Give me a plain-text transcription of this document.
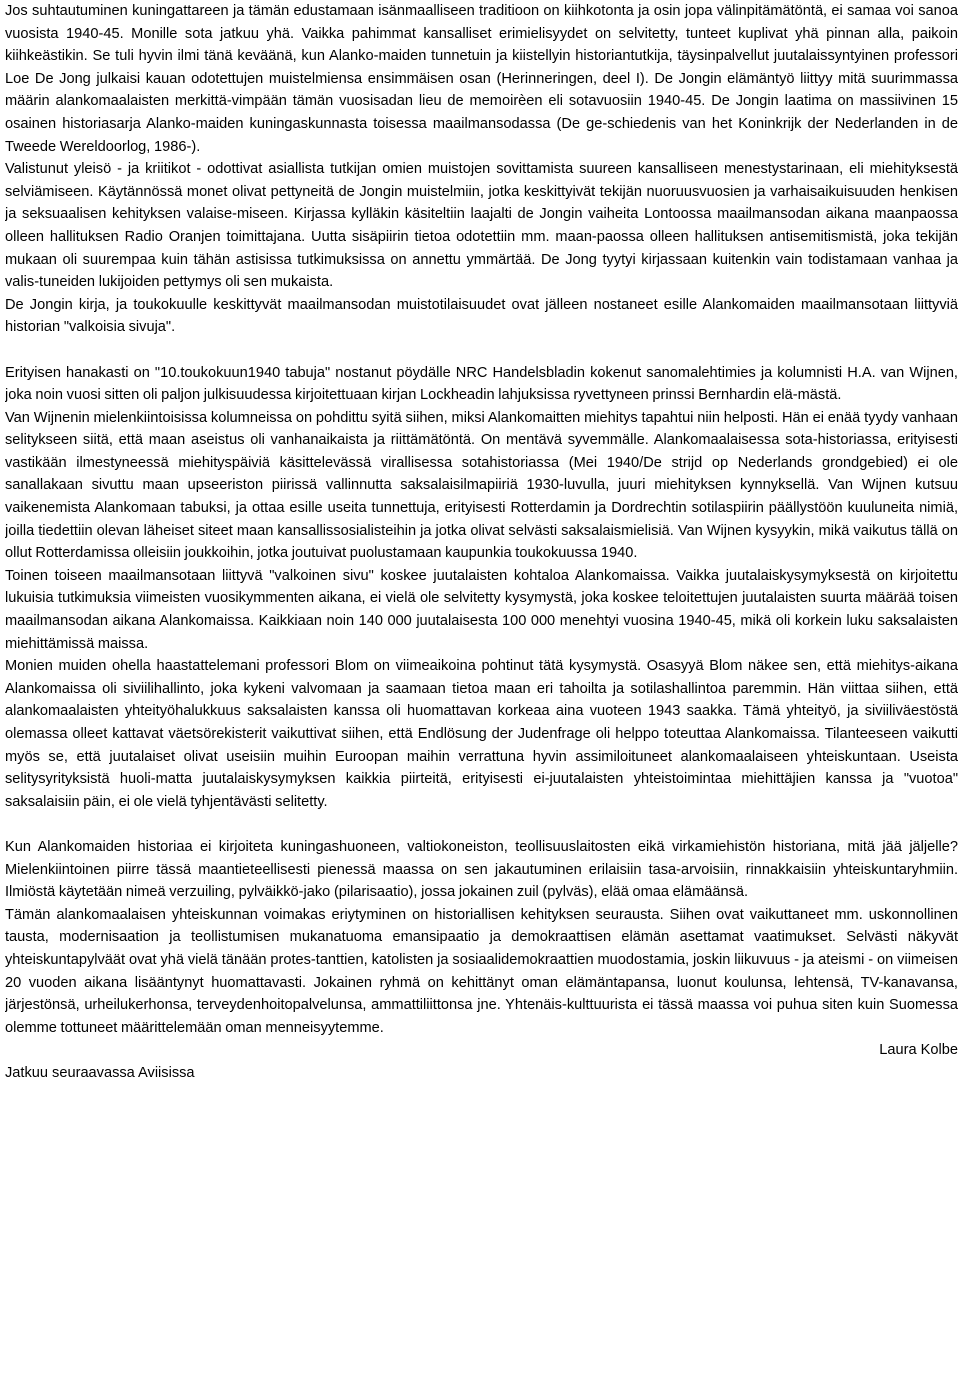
Jos suhtautuminen kuningattareen ja tämän edustamaan isänmaalliseen traditioon on kiihkotonta ja osin jopa välinpitämätöntä, ei samaa voi sanoa vuosista 1940-45. Monille sota jatkuu yhä. Vaikka pahimmat kansalliset erimielisyydet on selvitetty, tunteet kuplivat yhä pinnan alla, paikoin kiihkeästikin. Se tuli hyvin ilmi tänä keväänä, kun Alanko-maiden tunnetuin ja kiistellyin historiantutkija, täysinpalvellut juutalaissyntyinen professori Loe De Jong julkaisi kauan odotettujen muistelmiensa ensimmäisen osan (Herinneringen, deel I). De Jongin elämäntyö liittyy mitä suurimmassa määrin alankomaalaisten merkittä-vimpään tämän vuosisadan lieu de memoirèen eli sotavuosiin 1940-45. De Jongin laatima on massiivinen 15 osainen historiasarja Alanko-maiden kuningaskunnasta toisessa maailmansodassa (De ge-schiedenis van het Koninkrijk der Nederlanden in de Tweede Wereldoorlog, 1986-).

Valistunut yleisö - ja kriitikot - odottivat asiallista tutkijan omien muistojen sovittamista suureen kansalliseen menestystarinaan, eli miehityksestä selviämiseen. Käytännössä monet olivat pettyneitä de Jongin muistelmiin, jotka keskittyivät tekijän nuoruusvuosien ja varhaisaikuisuuden henkisen ja seksuaalisen kehityksen valaise-miseen. Kirjassa kylläkin käsiteltiin laajalti de Jongin vaiheita Lontoossa maailmansodan aikana maanpaossa olleen hallituksen Radio Oranjen toimittajana. Uutta sisäpiirin tietoa odotettiin mm. maan-paossa olleen hallituksen antisemitismistä, joka tekijän mukaan oli suurempaa kuin tähän astisissa tutkimuksissa on annettu ymmärtää. De Jong tyytyi kirjassaan kuitenkin vain todistamaan vanhaa ja valis-tuneiden lukijoiden pettymys oli sen mukaista.

De Jongin kirja, ja toukokuulle keskittyvät maailmansodan muistotilaisuudet ovat jälleen nostaneet esille Alankomaiden maailmansotaan liittyviä historian "valkoisia sivuja".

Erityisen hanakasti on "10.toukokuun1940 tabuja" nostanut pöydälle NRC Handelsbladin kokenut sanomalehtimies ja kolumnisti H.A. van Wijnen, joka noin vuosi sitten oli paljon julkisuudessa kirjoitettuaan kirjan Lockheadin lahjuksissa ryvettyneen prinssi Bernhardin elä-mästä.

Van Wijnenin mielenkiintoisissa kolumneissa on pohdittu syitä siihen, miksi Alankomaitten miehitys tapahtui niin helposti. Hän ei enää tyydy vanhaan selitykseen siitä, että maan aseistus oli vanhanaikaista ja riittämätöntä. On mentävä syvemmälle. Alankomaalaisessa sota-historiassa, erityisesti vastikään ilmestyneessä miehityspäiviä käsittelevässä virallisessa sotahistoriassa (Mei 1940/De strijd op Nederlands grondgebied) ei ole sanallakaan sivuttu maan upseeriston piirissä vallinnutta saksalaisilmapiiriä 1930-luvulla, juuri miehityksen kynnyksellä. Van Wijnen kutsuu vaikenemista Alankomaan tabuksi, ja ottaa esille useita tunnettuja, erityisesti Rotterdamin ja Dordrechtin sotilaspiirin päällystöön kuuluneita nimiä, joilla tiedettiin olevan läheiset siteet maan kansallissosialisteihin ja jotka olivat selvästi saksalaismielisiä. Van Wijnen kysyykin, mikä vaikutus tällä on ollut Rotterdamissa olleisiin joukkoihin, jotka joutuivat puolustamaan kaupunkia toukokuussa 1940.

Toinen toiseen maailmansotaan liittyvä "valkoinen sivu" koskee juutalaisten kohtaloa Alankomaissa. Vaikka juutalaiskysymyksestä on kirjoitettu lukuisia tutkimuksia viimeisten vuosikymmenten aikana, ei vielä ole selvitetty kysymystä, joka koskee teloitettujen juutalaisten suurta määrää toisen maailmansodan aikana Alankomaissa. Kaikkiaan noin 140 000 juutalaisesta 100 000 menehtyi vuosina 1940-45, mikä oli korkein luku saksalaisten miehittämissä maissa.

Monien muiden ohella haastattelemani professori Blom on viimeaikoina pohtinut tätä kysymystä. Osasyyä Blom näkee sen, että miehitys-aikana Alankomaissa oli siviilihallinto, joka kykeni valvomaan ja saamaan tietoa maan eri tahoilta ja sotilashallintoa paremmin. Hän viittaa siihen, että alankomaalaisten yhteityöhalukkuus saksalaisten kanssa oli huomattavan korkeaa aina vuoteen 1943 saakka. Tämä yhteityö, ja siviiliväestöstä olemassa olleet kattavat väetsörekisterit vaikuttivat siihen, että Endlösung der Judenfrage oli helppo toteuttaa Alankomaissa. Tilanteeseen vaikutti myös se, että juutalaiset olivat useisiin muihin Euroopan maihin verrattuna hyvin assimiloituneet alankomaalaiseen yhteiskuntaan. Useista selitysyrityksistä huoli-matta juutalaiskysymyksen kaikkia piirteitä, erityisesti ei-juutalaisten yhteistoimintaa miehittäjien kanssa ja "vuotoa" saksalaisiin päin, ei ole vielä tyhjentävästi selitetty.

Kun Alankomaiden historiaa ei kirjoiteta kuningashuoneen, valtiokoneiston, teollisuuslaitosten eikä virkamiehistön historiana, mitä jää jäljelle? Mielenkiintoinen piirre tässä maantieteellisesti pienessä maassa on sen jakautuminen erilaisiin tasa-arvoisiin, rinnakkaisiin yhteiskuntaryhmiin. Ilmiöstä käytetään nimeä verzuiling, pylväikkö-jako (pilarisaatio), jossa jokainen zuil (pylväs), elää omaa elämäänsä.

Tämän alankomaalaisen yhteiskunnan voimakas eriytyminen on historiallisen kehityksen seurausta. Siihen ovat vaikuttaneet mm. uskonnollinen tausta, modernisaation ja teollistumisen mukanatuoma emansipaatio ja demokraattisen elämän asettamat vaatimukset. Selvästi näkyvät yhteiskuntapylväät ovat yhä vielä tänään protes-tanttien, katolisten ja sosiaalidemokraattien muodostamia, joskin liikuvuus - ja ateismi - on viimeisen 20 vuoden aikana lisääntynyt huomattavasti. Jokainen ryhmä on kehittänyt oman elämäntapansa, luonut koulunsa, lehtensä, TV-kanavansa, järjestönsä, urheilukerhonsa, terveydenhoitopalvelunsa, ammattiliittonsa jne. Yhtenäis-kulttuurista ei tässä maassa voi puhua siten kuin Suomessa olemme tottuneet määrittelemään oman menneisyytemme.

Laura Kolbe

Jatkuu seuraavassa Aviisissa
